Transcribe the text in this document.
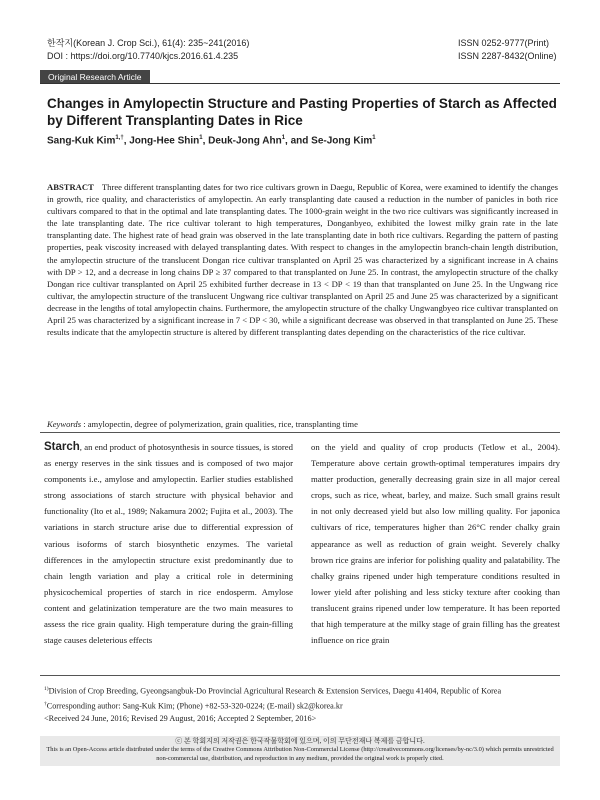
한작지(Korean J. Crop Sci.), 61(4): 235~241(2016)
DOI : https://doi.org/10.7740/kjcs.2016.61.4.235
ISSN 0252-9777(Print)
ISSN 2287-8432(Online)
Original Research Article
Changes in Amylopectin Structure and Pasting Properties of Starch as Affected by Different Transplanting Dates in Rice
Sang-Kuk Kim$^{1,\dagger}$, Jong-Hee Shin$^1$, Deuk-Jong Ahn$^1$, and Se-Jong Kim$^1$
ABSTRACT Three different transplanting dates for two rice cultivars grown in Daegu, Republic of Korea, were examined to identify the changes in growth, rice quality, and characteristics of amylopectin. An early transplanting date caused a reduction in the number of panicles in both rice cultivars compared to that in the optimal and late transplanting dates. The 1000-grain weight in the two rice cultivars was significantly increased in the late transplanting date. The rice cultivar tolerant to high temperatures, Donganbyeo, exhibited the lowest milky grain rate in the late transplanting date. The highest rate of head grain was observed in the late transplanting date in both rice cultivars. Regarding the pattern of pasting properties, peak viscosity increased with delayed transplanting dates. With respect to changes in the amylopectin branch-chain length distribution, the amylopectin structure of the translucent Dongan rice cultivar transplanted on April 25 was characterized by a significant increase in A chains with DP > 12, and a decrease in long chains DP ≥ 37 compared to that transplanted on June 25. In contrast, the amylopectin structure of the chalky Dongan rice cultivar transplanted on April 25 exhibited further decrease in 13 < DP < 19 than that transplanted on June 25. In the Ungwang rice cultivar, the amylopectin structure of the translucent Ungwang rice cultivar transplanted on April 25 and June 25 was characterized by a significant decrease in the lengths of total amylopectin chains. Furthermore, the amylopectin structure of the chalky Ungwangbyeo rice cultivar transplanted on April 25 was characterized by a significant increase in 7 < DP < 30, while a significant decrease was observed in that transplanted on June 25. These results indicate that the amylopectin structure is altered by different transplanting dates depending on the characteristics of the rice cultivar.
Keywords : amylopectin, degree of polymerization, grain qualities, rice, transplanting time
Starch, an end product of photosynthesis in source tissues, is stored as energy reserves in the sink tissues and is composed of two major components i.e., amylose and amylopectin. Earlier studies established strong associations of starch structure with physical behavior and functionality (Ito et al., 1989; Nakamura 2002; Fujita et al., 2003). The variations in starch structure arise due to differential expression of various isoforms of starch biosynthetic enzymes. The varietal differences in the amylopectin structure exist predominantly due to chain length variation and play a critical role in determining physicochemical properties of starch in rice endosperm. Amylose content and gelatinization temperature are the two main measures to assess the rice grain quality. High temperature during the grain-filling stage causes deleterious effects
on the yield and quality of crop products (Tetlow et al., 2004). Temperature above certain growth-optimal temperatures impairs dry matter production, generally decreasing grain size in all major cereal crops, such as rice, wheat, barley, and maize. Such small grains result in not only decreased yield but also low milling quality. For japonica cultivars of rice, temperatures higher than 26°C render chalky grain appearance as well as reduction of grain weight. Severely chalky brown rice grains are inferior for polishing quality and palatability. The chalky grains ripened under high temperature conditions resulted in lower yield after polishing and less sticky texture after cooking than translucent grains ripened under low temperature. It has been reported that high temperature at the milky stage of grain filling has the greatest influence on rice grain
$^{1)}$Division of Crop Breeding, Gyeongsangbuk-Do Provincial Agricultural Research & Extension Services, Daegu 41404, Republic of Korea
†Corresponding author: Sang-Kuk Kim; (Phone) +82-53-320-0224; (E-mail) sk2@korea.kr
<Received 24 June, 2016; Revised 29 August, 2016; Accepted 2 September, 2016>
ⓒ 본 학회지의 저작권은 한국작물학회에 있으며, 이의 무단전재나 복제를 금합니다.
This is an Open-Access article distributed under the terms of the Creative Commons Attribution Non-Commercial License (http://creativecommons.org/licenses/by-nc/3.0) which permits unrestricted non-commercial use, distribution, and reproduction in any medium, provided the original work is properly cited.
